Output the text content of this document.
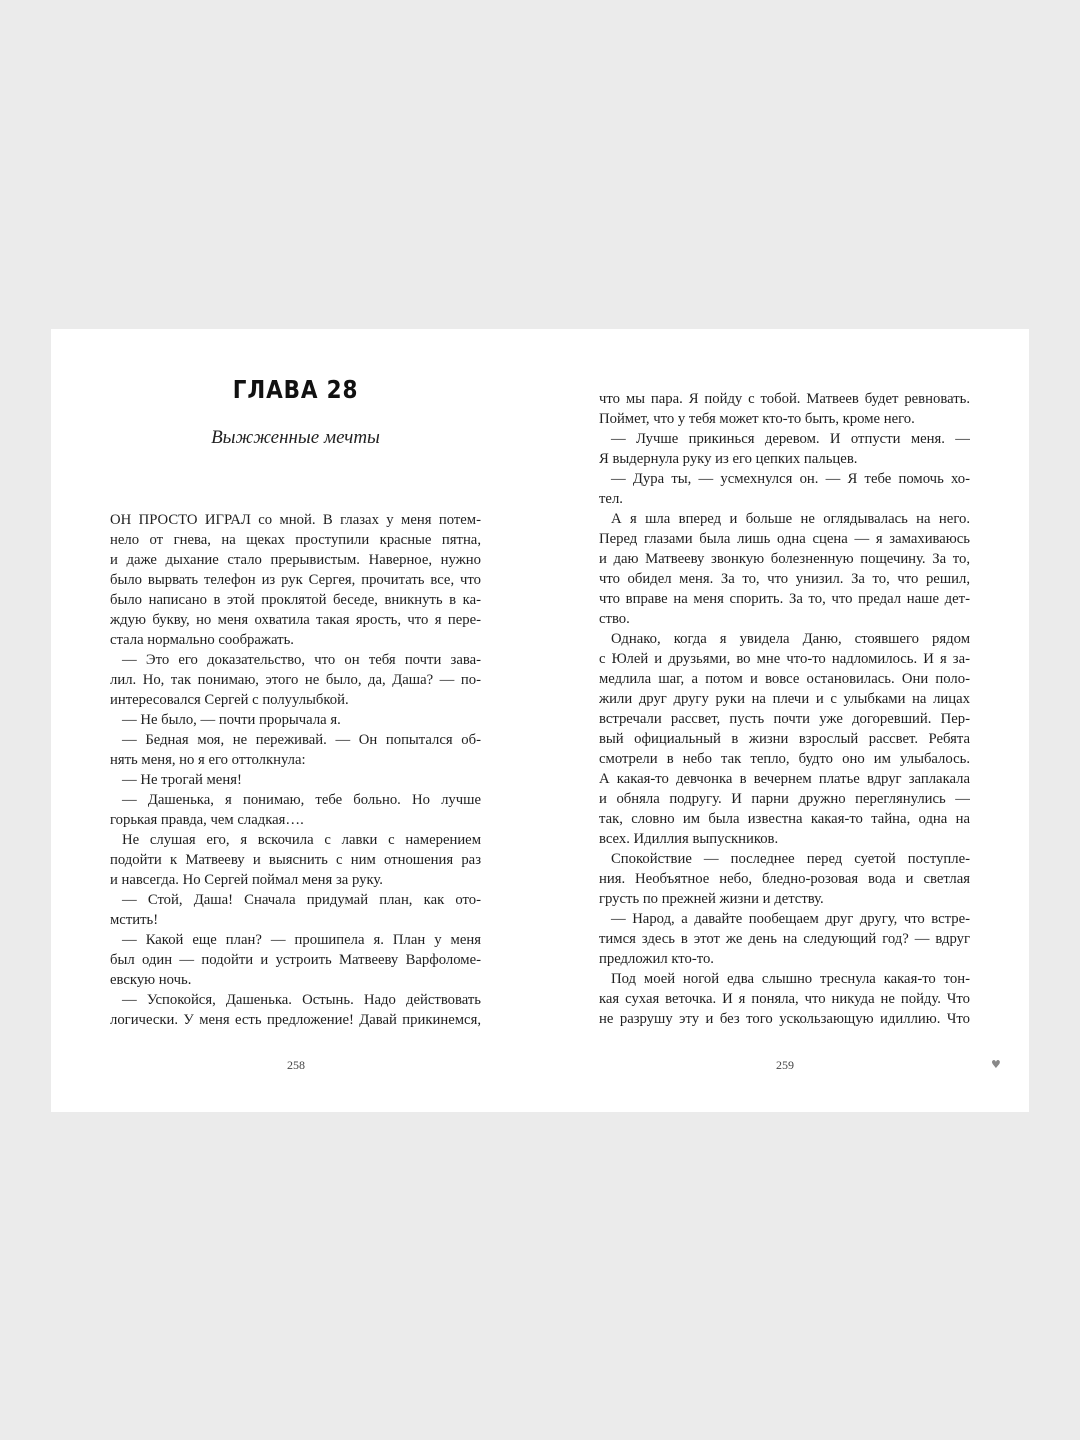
ГЛАВА 28
Выжженные мечты
ОН ПРОСТО ИГРАЛ со мной. В глазах у меня потем-
нело от гнева, на щеках проступили красные пятна,
и даже дыхание стало прерывистым. Наверное, нужно
было вырвать телефон из рук Сергея, прочитать все, что
было написано в этой проклятой беседе, вникнуть в ка-
ждую букву, но меня охватила такая ярость, что я пере-
стала нормально соображать.
— Это его доказательство, что он тебя почти зава-
лил. Но, так понимаю, этого не было, да, Даша? — по-
интересовался Сергей с полуулыбкой.
— Не было, — почти прорычала я.
— Бедная моя, не переживай. — Он попытался об-
нять меня, но я его оттолкнула:
— Не трогай меня!
— Дашенька, я понимаю, тебе больно. Но лучше
горькая правда, чем сладкая….
Не слушая его, я вскочила с лавки с намерением
подойти к Матвееву и выяснить с ним отношения раз
и навсегда. Но Сергей поймал меня за руку.
— Стой, Даша! Сначала придумай план, как ото-
мстить!
— Какой еще план? — прошипела я. План у меня
был один — подойти и устроить Матвееву Варфоломе-
евскую ночь.
— Успокойся, Дашенька. Остынь. Надо действовать
логически. У меня есть предложение! Давай прикинемся,
258
что мы пара. Я пойду с тобой. Матвеев будет ревновать.
Поймет, что у тебя может кто-то быть, кроме него.
— Лучше прикинься деревом. И отпусти меня. —
Я выдернула руку из его цепких пальцев.
— Дура ты, — усмехнулся он. — Я тебе помочь хо-
тел.
А я шла вперед и больше не оглядывалась на него.
Перед глазами была лишь одна сцена — я замахиваюсь
и даю Матвееву звонкую болезненную пощечину. За то,
что обидел меня. За то, что унизил. За то, что решил,
что вправе на меня спорить. За то, что предал наше дет-
ство.
Однако, когда я увидела Даню, стоявшего рядом
с Юлей и друзьями, во мне что-то надломилось. И я за-
медлила шаг, а потом и вовсе остановилась. Они поло-
жили друг другу руки на плечи и с улыбками на лицах
встречали рассвет, пусть почти уже догоревший. Пер-
вый официальный в жизни взрослый рассвет. Ребята
смотрели в небо так тепло, будто оно им улыбалось.
А какая-то девчонка в вечернем платье вдруг заплакала
и обняла подругу. И парни дружно переглянулись —
так, словно им была известна какая-то тайна, одна на
всех. Идиллия выпускников.
Спокойствие — последнее перед суетой поступле-
ния. Необъятное небо, бледно-розовая вода и светлая
грусть по прежней жизни и детству.
— Народ, а давайте пообещаем друг другу, что встре-
тимся здесь в этот же день на следующий год? — вдруг
предложил кто-то.
Под моей ногой едва слышно треснула какая-то тон-
кая сухая веточка. И я поняла, что никуда не пойду. Что
не разрушу эту и без того ускользающую идиллию. Что
259	♥
